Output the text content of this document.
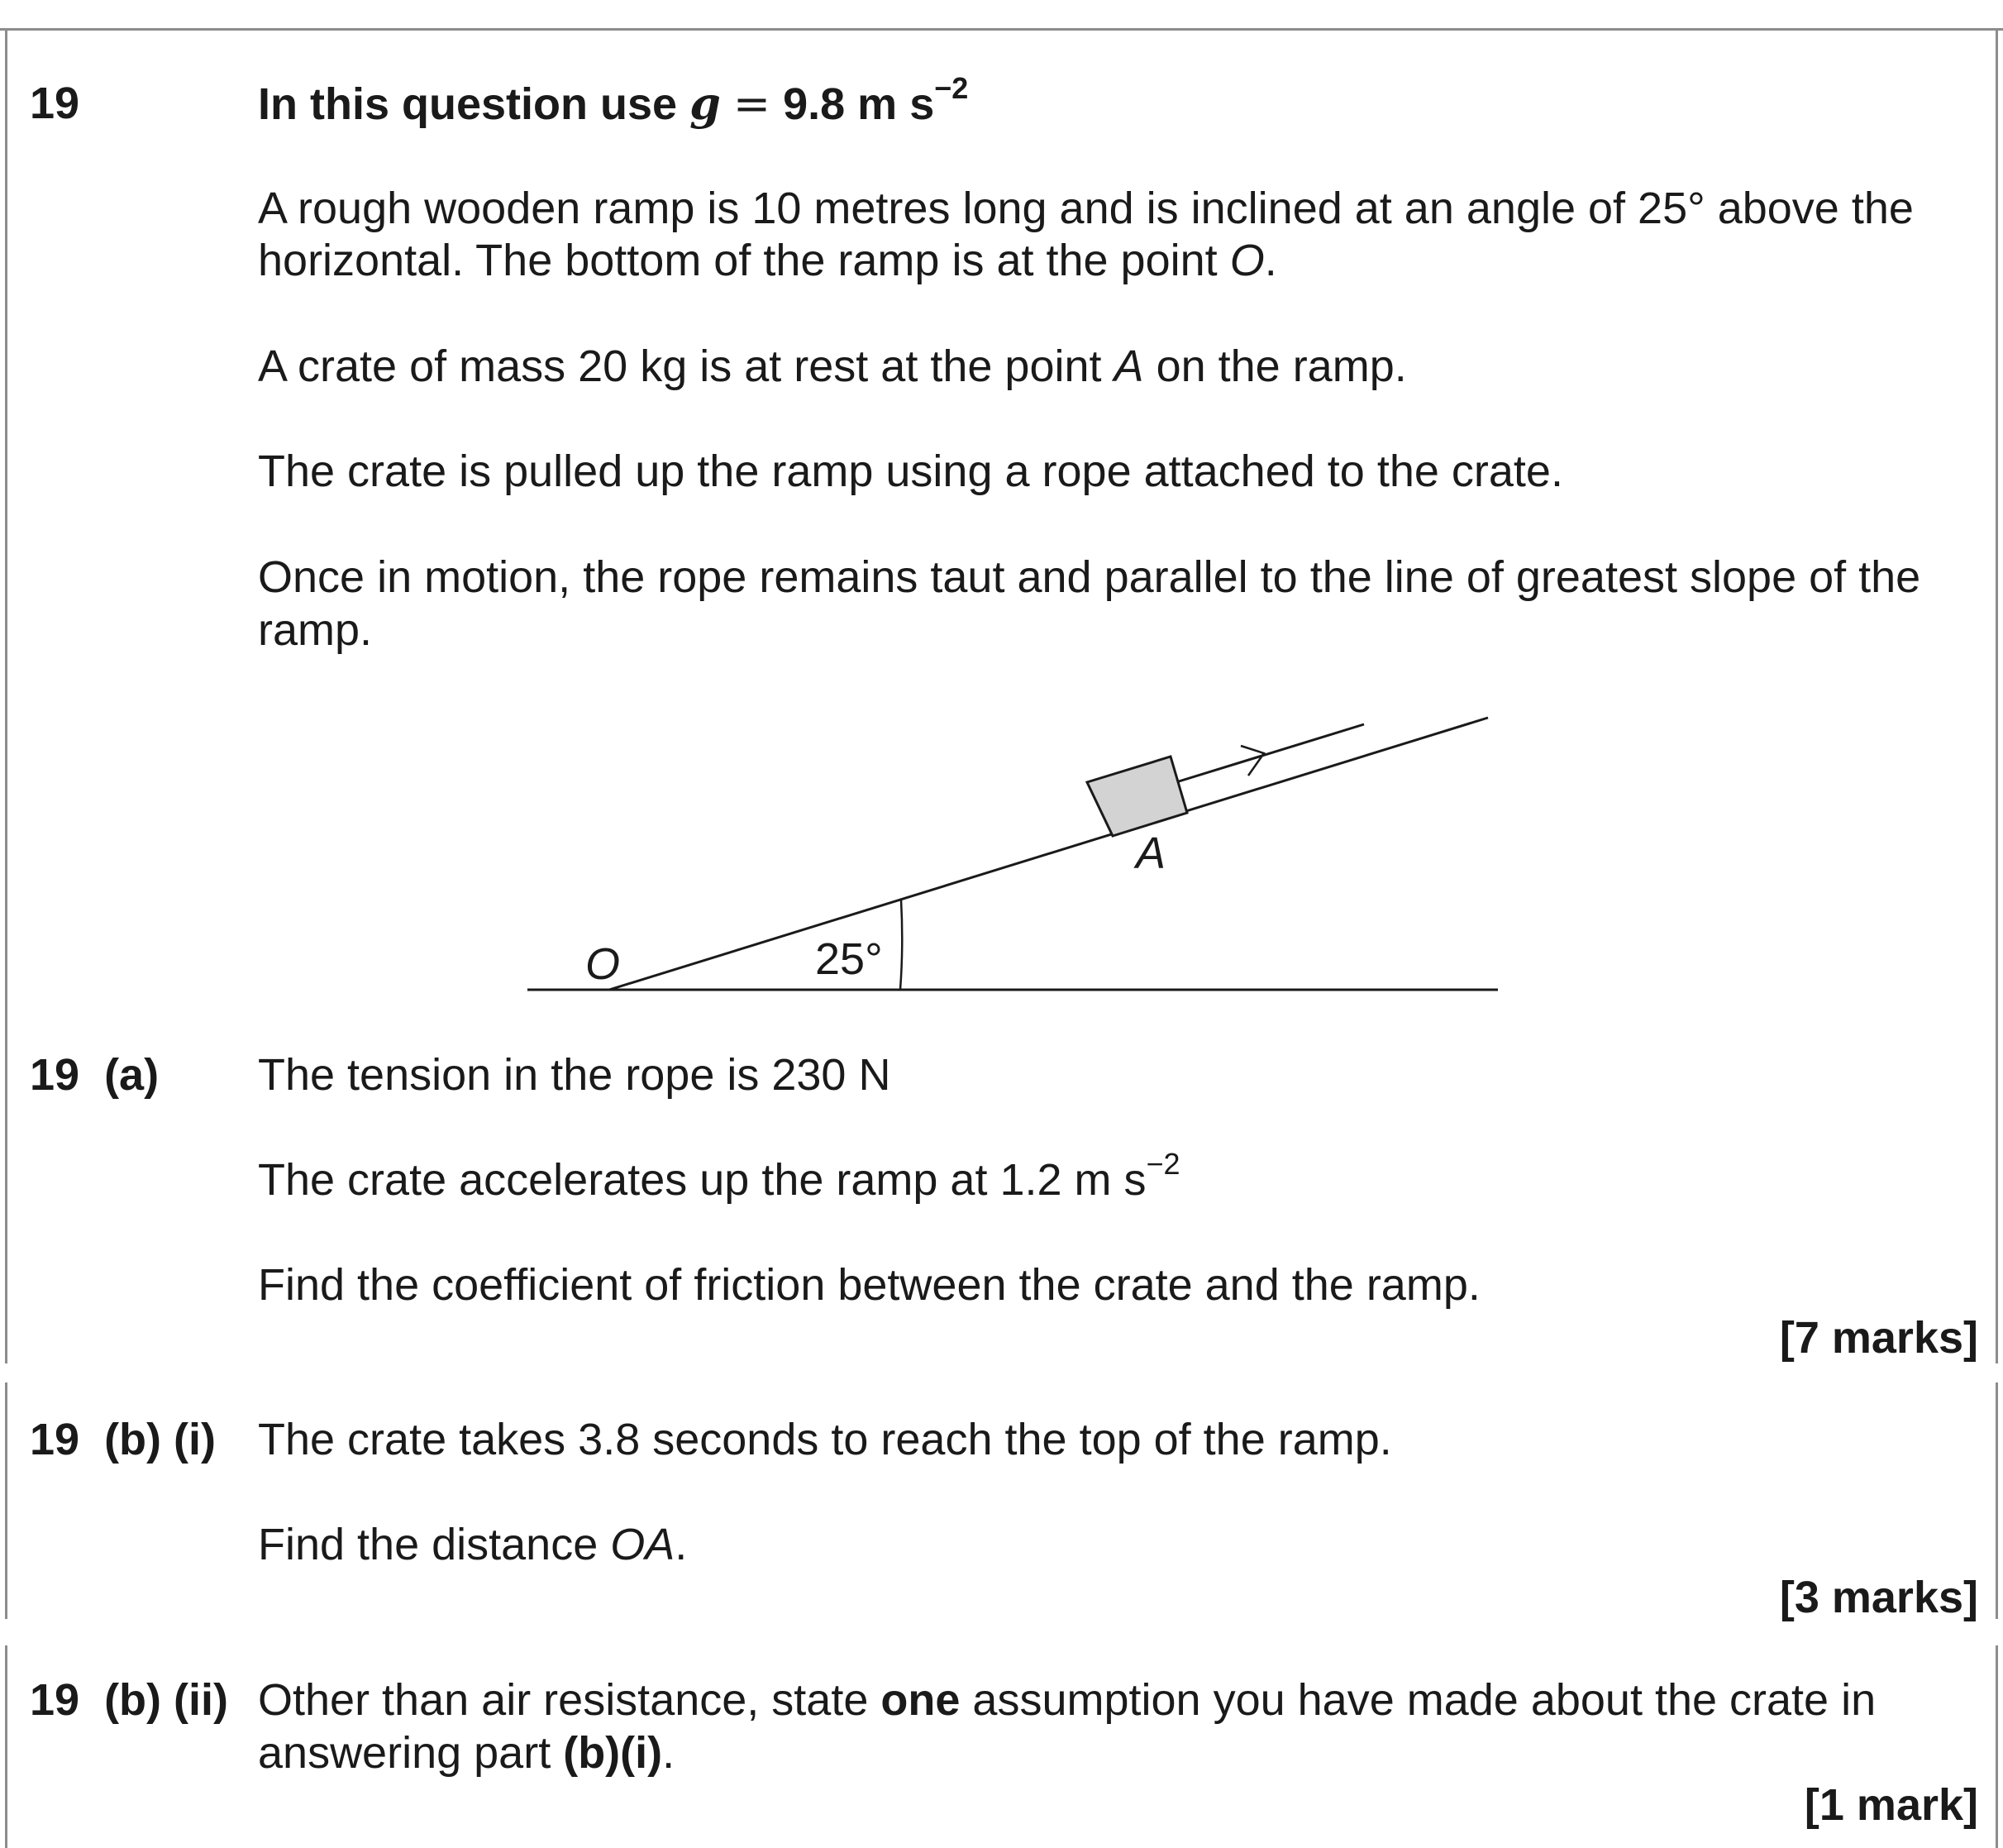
19	In this question use g = 9.8 m $s^{-2}$
A rough wooden ramp is 10 metres long and is inclined at an angle of 25° above the
horizontal. The bottom of the ramp is at the point O.
A crate of mass 20 kg is at rest at the point A on the ramp.
The crate is pulled up the ramp using a rope attached to the crate.
Once in motion, the rope remains taut and parallel to the line of greatest slope of the
ramp.
O
A
25°
19  (a) The tension in the rope is 230 N
The crate accelerates up the ramp at 1.2 m $s^{-2}$
Find the coefficient of friction between the crate and the ramp.
[7 marks]
19  (b) (i) The crate takes 3.8 seconds to reach the top of the ramp.
Find the distance OA.
[3 marks]
19  (b) (ii) Other than air resistance, state one assumption you have made about the crate in
answering part (b)(i).
[1 mark]
